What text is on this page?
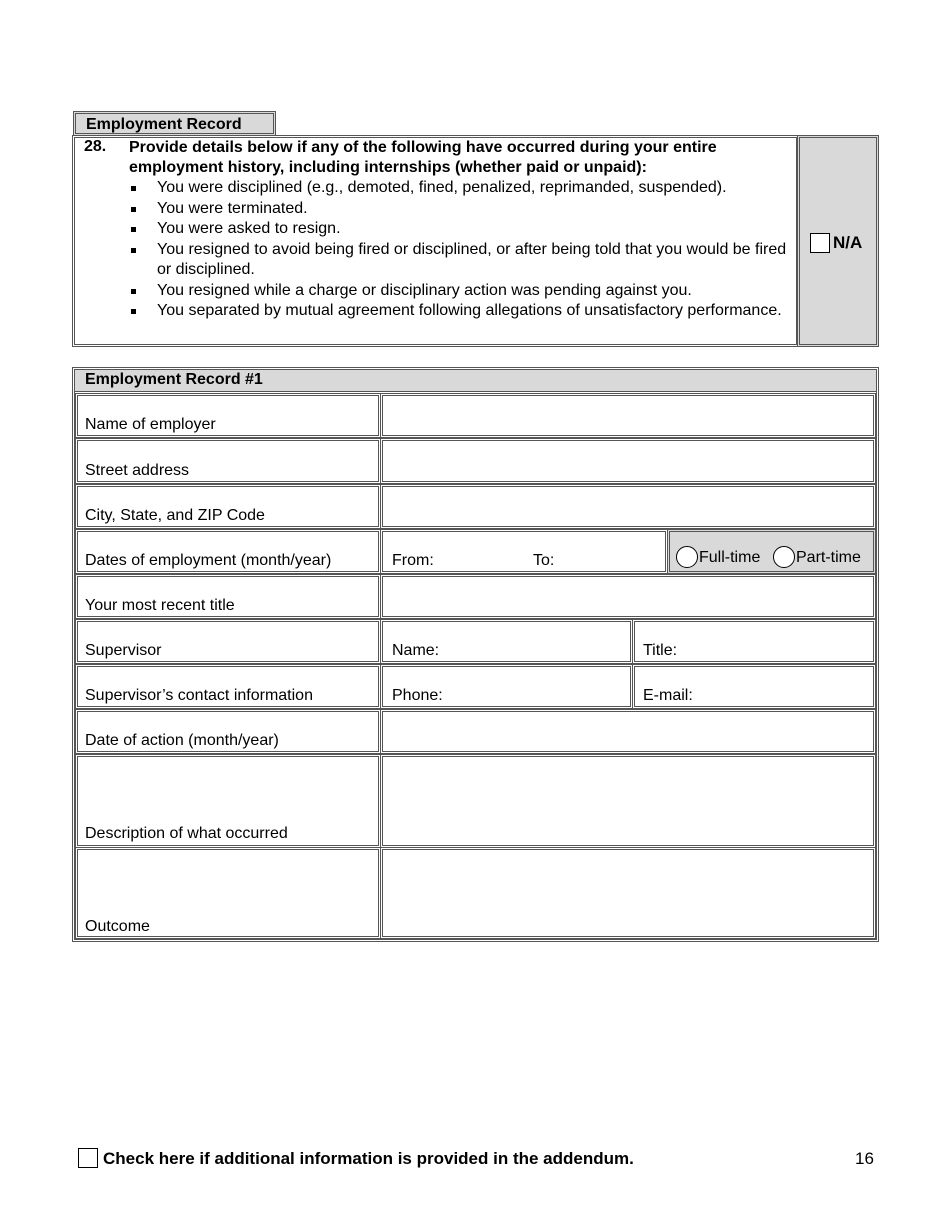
Employment Record
28. Provide details below if any of the following have occurred during your entire employment history, including internships (whether paid or unpaid):
You were disciplined (e.g., demoted, fined, penalized, reprimanded, suspended).
You were terminated.
You were asked to resign.
You resigned to avoid being fired or disciplined, or after being told that you would be fired or disciplined.
You resigned while a charge or disciplinary action was pending against you.
You separated by mutual agreement following allegations of unsatisfactory performance.
N/A
Employment Record #1
Name of employer
Street address
City, State, and ZIP Code
Dates of employment (month/year)	From:	To:	Full-time Part-time
Your most recent title
Supervisor	Name:	Title:
Supervisor’s contact information	Phone:	E-mail:
Date of action (month/year)
Description of what occurred
Outcome
Check here if additional information is provided in the addendum.	16
